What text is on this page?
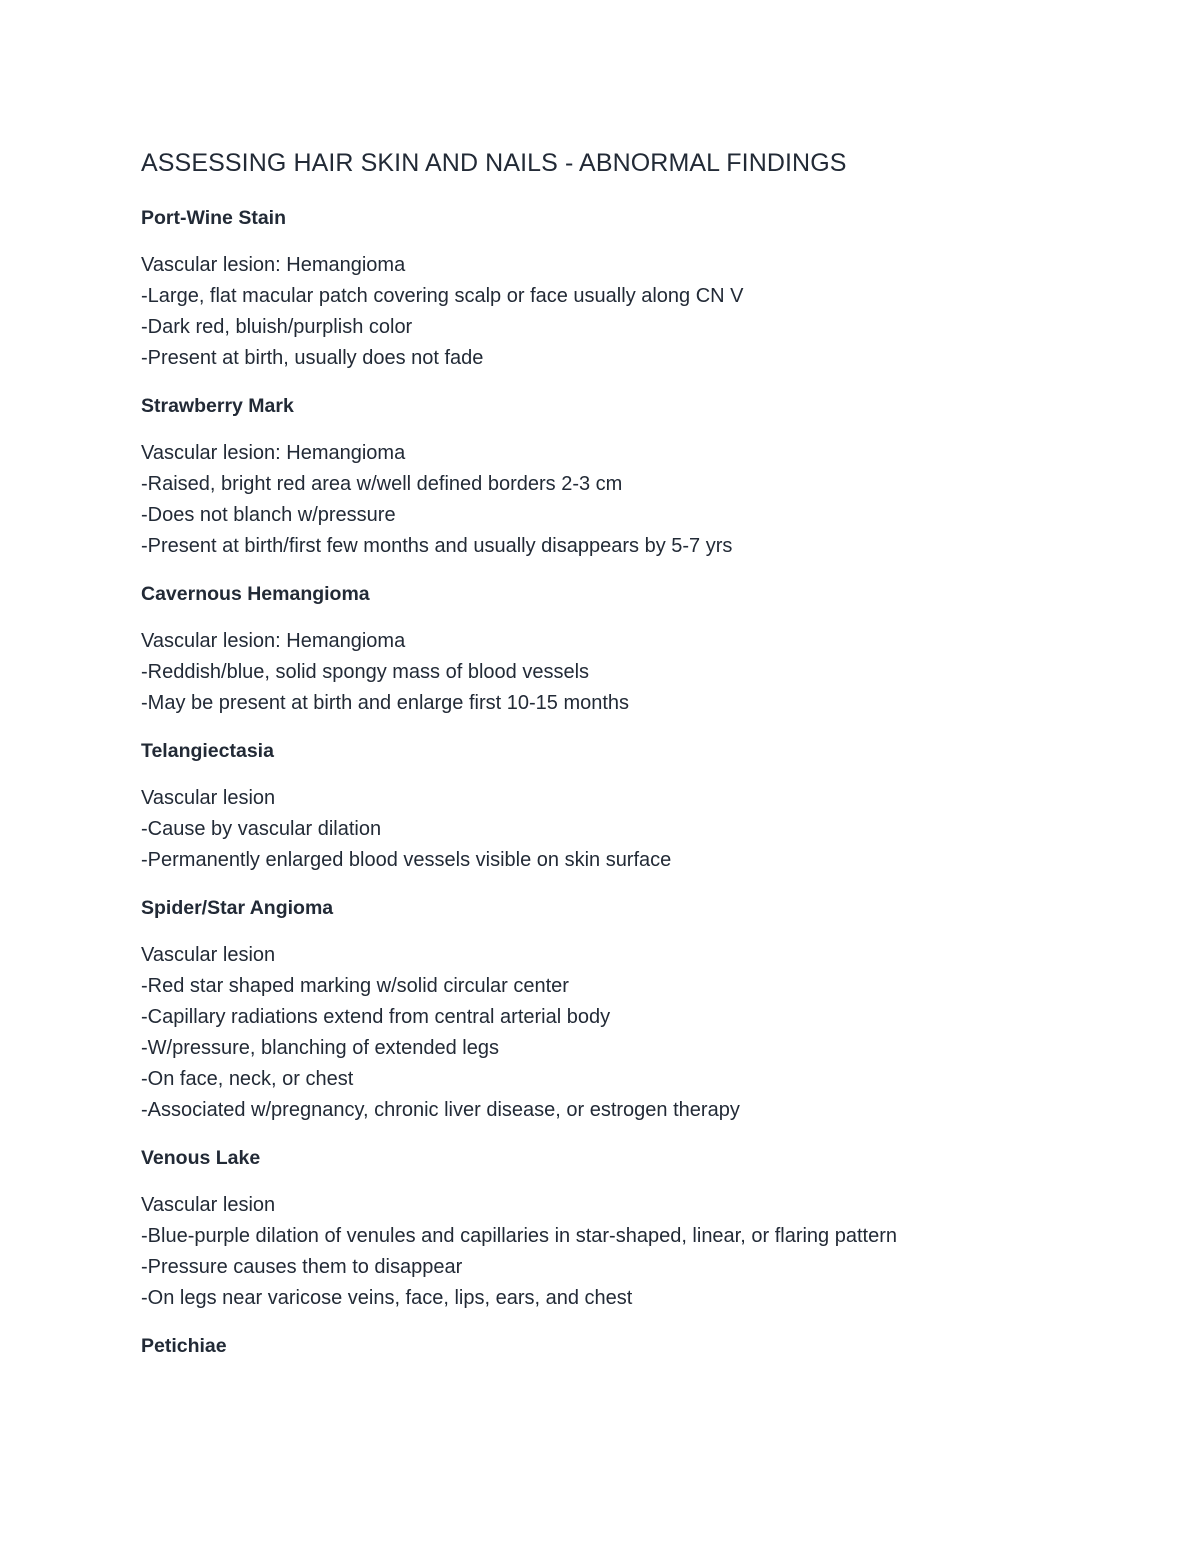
ASSESSING HAIR SKIN AND NAILS - ABNORMAL FINDINGS
Port-Wine Stain
Vascular lesion: Hemangioma
-Large, flat macular patch covering scalp or face usually along CN V
-Dark red, bluish/purplish color
-Present at birth, usually does not fade
Strawberry Mark
Vascular lesion: Hemangioma
-Raised, bright red area w/well defined borders 2-3 cm
-Does not blanch w/pressure
-Present at birth/first few months and usually disappears by 5-7 yrs
Cavernous Hemangioma
Vascular lesion: Hemangioma
-Reddish/blue, solid spongy mass of blood vessels
-May be present at birth and enlarge first 10-15 months
Telangiectasia
Vascular lesion
-Cause by vascular dilation
-Permanently enlarged blood vessels visible on skin surface
Spider/Star Angioma
Vascular lesion
-Red star shaped marking w/solid circular center
-Capillary radiations extend from central arterial body
-W/pressure, blanching of extended legs
-On face, neck, or chest
-Associated w/pregnancy, chronic liver disease, or estrogen therapy
Venous Lake
Vascular lesion
-Blue-purple dilation of venules and capillaries in star-shaped, linear, or flaring pattern
-Pressure causes them to disappear
-On legs near varicose veins, face, lips, ears, and chest
Petichiae
